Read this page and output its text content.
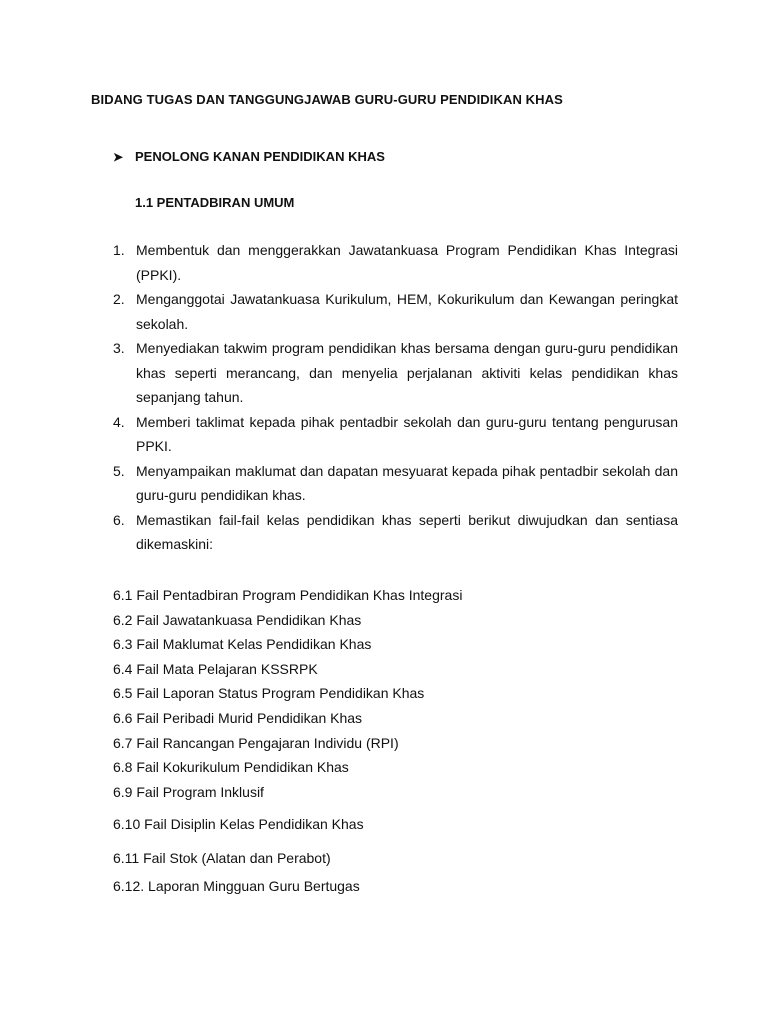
BIDANG TUGAS DAN TANGGUNGJAWAB GURU-GURU PENDIDIKAN KHAS
➤ PENOLONG KANAN PENDIDIKAN KHAS
1.1 PENTADBIRAN UMUM
1. Membentuk dan menggerakkan Jawatankuasa Program Pendidikan Khas Integrasi (PPKI).
2. Menganggotai Jawatankuasa Kurikulum, HEM, Kokurikulum dan Kewangan peringkat sekolah.
3. Menyediakan takwim program pendidikan khas bersama dengan guru-guru pendidikan khas seperti merancang, dan menyelia perjalanan aktiviti kelas pendidikan khas sepanjang tahun.
4. Memberi taklimat kepada pihak pentadbir sekolah dan guru-guru tentang pengurusan PPKI.
5. Menyampaikan maklumat dan dapatan mesyuarat kepada pihak pentadbir sekolah dan guru-guru pendidikan khas.
6. Memastikan fail-fail kelas pendidikan khas seperti berikut diwujudkan dan sentiasa dikemaskini:
6.1 Fail Pentadbiran Program Pendidikan Khas Integrasi
6.2 Fail Jawatankuasa Pendidikan Khas
6.3 Fail Maklumat Kelas Pendidikan Khas
6.4 Fail Mata Pelajaran KSSRPK
6.5 Fail Laporan Status Program Pendidikan Khas
6.6 Fail Peribadi Murid Pendidikan Khas
6.7 Fail Rancangan Pengajaran Individu (RPI)
6.8 Fail Kokurikulum Pendidikan Khas
6.9 Fail Program Inklusif
6.10 Fail Disiplin Kelas Pendidikan Khas
6.11 Fail Stok (Alatan dan Perabot)
6.12. Laporan Mingguan Guru Bertugas
